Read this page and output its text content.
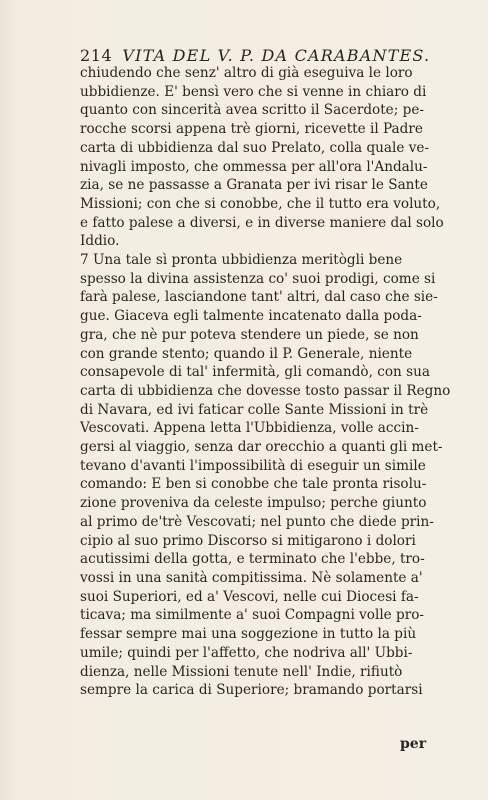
214 VITA DEL V. P. DA CARABANTES.
chiudendo che senz' altro di già eseguiva le loro
ubbidienze. E' bensì vero che si venne in chiaro di
quanto con sincerità avea scritto il Sacerdote; pe-
rocche scorsi appena trè giorni, ricevette il Padre
carta di ubbidienza dal suo Prelato, colla quale ve-
nivagli imposto, che ommessa per all'ora l'Andalu-
zia, se ne passasse a Granata per ivi risar le Sante
Missioni; con che si conobbe, che il tutto era voluto,
e fatto palese a diversi, e in diverse maniere dal solo
Iddio.
7 Una tale sì pronta ubbidienza meritògli bene
spesso la divina assistenza co' suoi prodigi, come si
farà palese, lasciandone tant' altri, dal caso che sie-
gue. Giaceva egli talmente incatenato dalla poda-
gra, che nè pur poteva stendere un piede, se non
con grande stento; quando il P. Generale, niente
consapevole di tal' infermità, gli comandò, con sua
carta di ubbidienza che dovesse tosto passar il Regno
di Navara, ed ivi faticar colle Sante Missioni in trè
Vescovati. Appena letta l'Ubbidienza, volle accin-
gersi al viaggio, senza dar orecchio a quanti gli met-
tevano d'avanti l'impossibilità di eseguir un simile
comando: E ben si conobbe che tale pronta risolu-
zione proveniva da celeste impulso; perche giunto
al primo de'trè Vescovati; nel punto che diede prin-
cipio al suo primo Discorso si mitigarono i dolori
acutissimi della gotta, e terminato che l'ebbe, tro-
vossi in una sanità compitissima. Nè solamente a'
suoi Superiori, ed a' Vescovi, nelle cui Diocesi fa-
ticava; ma similmente a' suoi Compagni volle pro-
fessar sempre mai una soggezione in tutto la più
umile; quindi per l'affetto, che nodriva all' Ubbi-
dienza, nelle Missioni tenute nell' Indie, rifiutò
sempre la carica di Superiore; bramando portarsi
per
